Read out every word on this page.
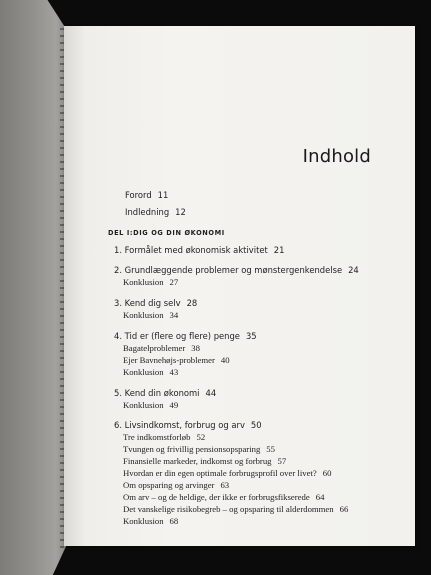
Indhold
Forord 11
Indledning 12
DEL I:DIG OG DIN ØKONOMI
1. Formålet med økonomisk aktivitet 21
2. Grundlæggende problemer og mønstergenkendelse 24
Konklusion 27
3. Kend dig selv 28
Konklusion 34
4. Tid er (flere og flere) penge 35
Bagatelproblemer 38
Ejer Bavnehøjs-problemer 40
Konklusion 43
5. Kend din økonomi 44
Konklusion 49
6. Livsindkomst, forbrug og arv 50
Tre indkomstforløb 52
Tvungen og frivillig pensionsopsparing 55
Finansielle markeder, indkomst og forbrug 57
Hvordan er din egen optimale forbrugsprofil over livet? 60
Om opsparing og arvinger 63
Om arv – og de heldige, der ikke er forbrugsfikserede 64
Det vanskelige risikobegreb – og opsparing til alderdommen 66
Konklusion 68
